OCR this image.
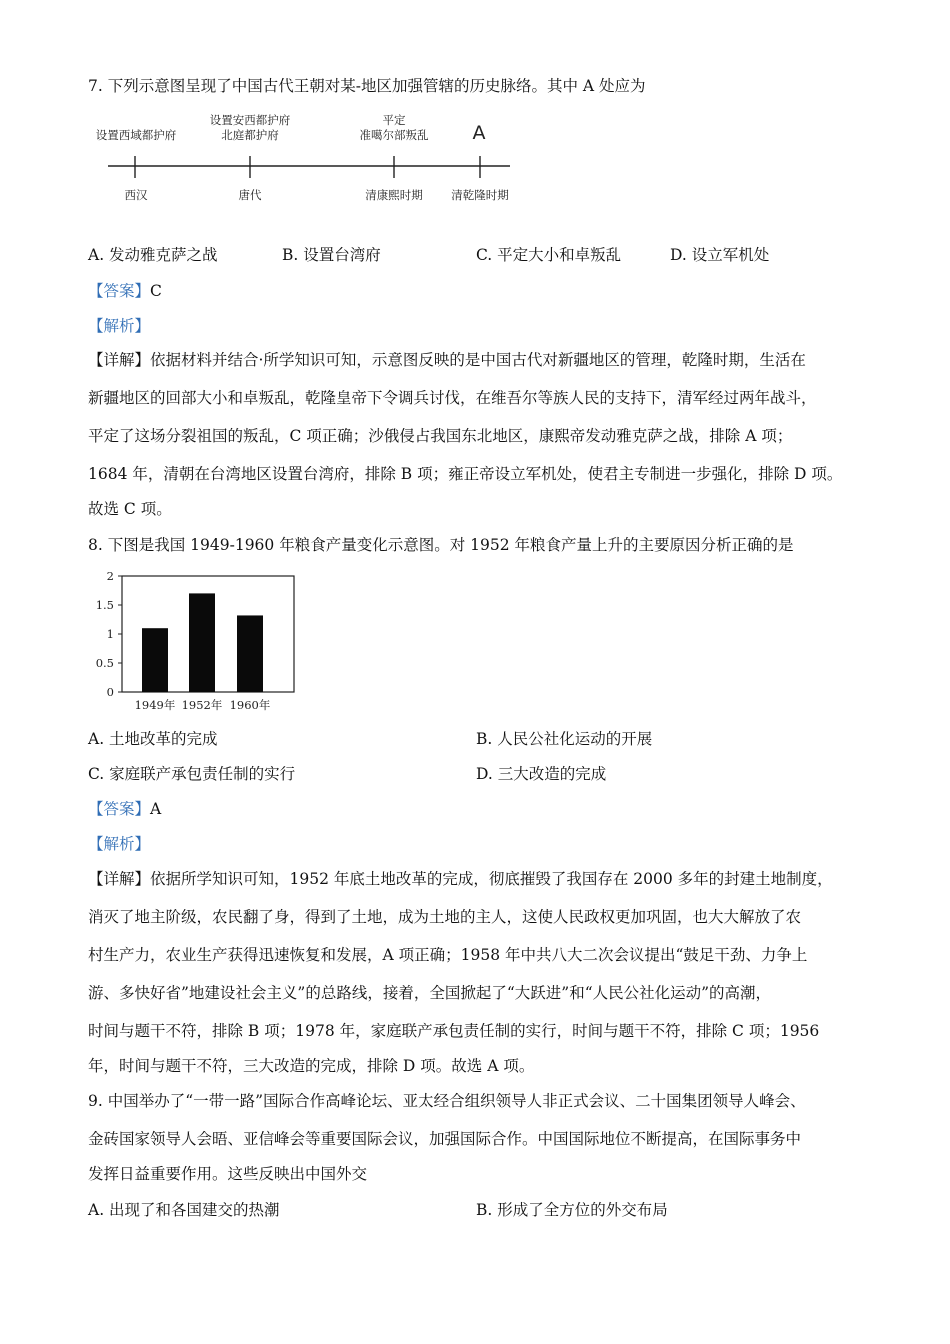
7. 下列示意图呈现了中国古代王朝对某-地区加强管辖的历史脉络。其中 A 处应为
设置西域都护府
设置安西都护府
北庭都护府
平定
准噶尔部叛乱 A
西汉	唐代	清康熙时期 清乾隆时期
A. 发动雅克萨之战	B. 设置台湾府	C. 平定大小和卓叛乱	D. 设立军机处
【答案】C
【解析】
【详解】依据材料并结合·所学知识可知，示意图反映的是中国古代对新疆地区的管理，乾隆时期，生活在
新疆地区的回部大小和卓叛乱，乾隆皇帝下令调兵讨伐，在维吾尔等族人民的支持下，清军经过两年战斗，
平定了这场分裂祖国的叛乱，C 项正确；沙俄侵占我国东北地区，康熙帝发动雅克萨之战，排除 A 项；
1684 年，清朝在台湾地区设置台湾府，排除 B 项；雍正帝设立军机处，使君主专制进一步强化，排除 D 项。
故选 C 项。
8. 下图是我国 1949-1960 年粮食产量变化示意图。对 1952 年粮食产量上升的主要原因分析正确的是
0
0.5
1
1.5
2
1949年 1952年 1960年
A. 土地改革的完成	B. 人民公社化运动的开展
C. 家庭联产承包责任制的实行	D. 三大改造的完成
【答案】A
【解析】
【详解】依据所学知识可知，1952 年底土地改革的完成，彻底摧毁了我国存在 2000 多年的封建土地制度，
消灭了地主阶级，农民翻了身，得到了土地，成为土地的主人，这使人民政权更加巩固，也大大解放了农
村生产力，农业生产获得迅速恢复和发展，A 项正确；1958 年中共八大二次会议提出“鼓足干劲、力争上
游、多快好省”地建设社会主义”的总路线，接着，全国掀起了“大跃进”和“人民公社化运动”的高潮，
时间与题干不符，排除 B 项；1978 年，家庭联产承包责任制的实行，时间与题干不符，排除 C 项；1956
年，时间与题干不符，三大改造的完成，排除 D 项。故选 A 项。
9. 中国举办了“一带一路”国际合作高峰论坛、亚太经合组织领导人非正式会议、二十国集团领导人峰会、
金砖国家领导人会晤、亚信峰会等重要国际会议，加强国际合作。中国国际地位不断提高，在国际事务中
发挥日益重要作用。这些反映出中国外交
A. 出现了和各国建交的热潮	B. 形成了全方位的外交布局
